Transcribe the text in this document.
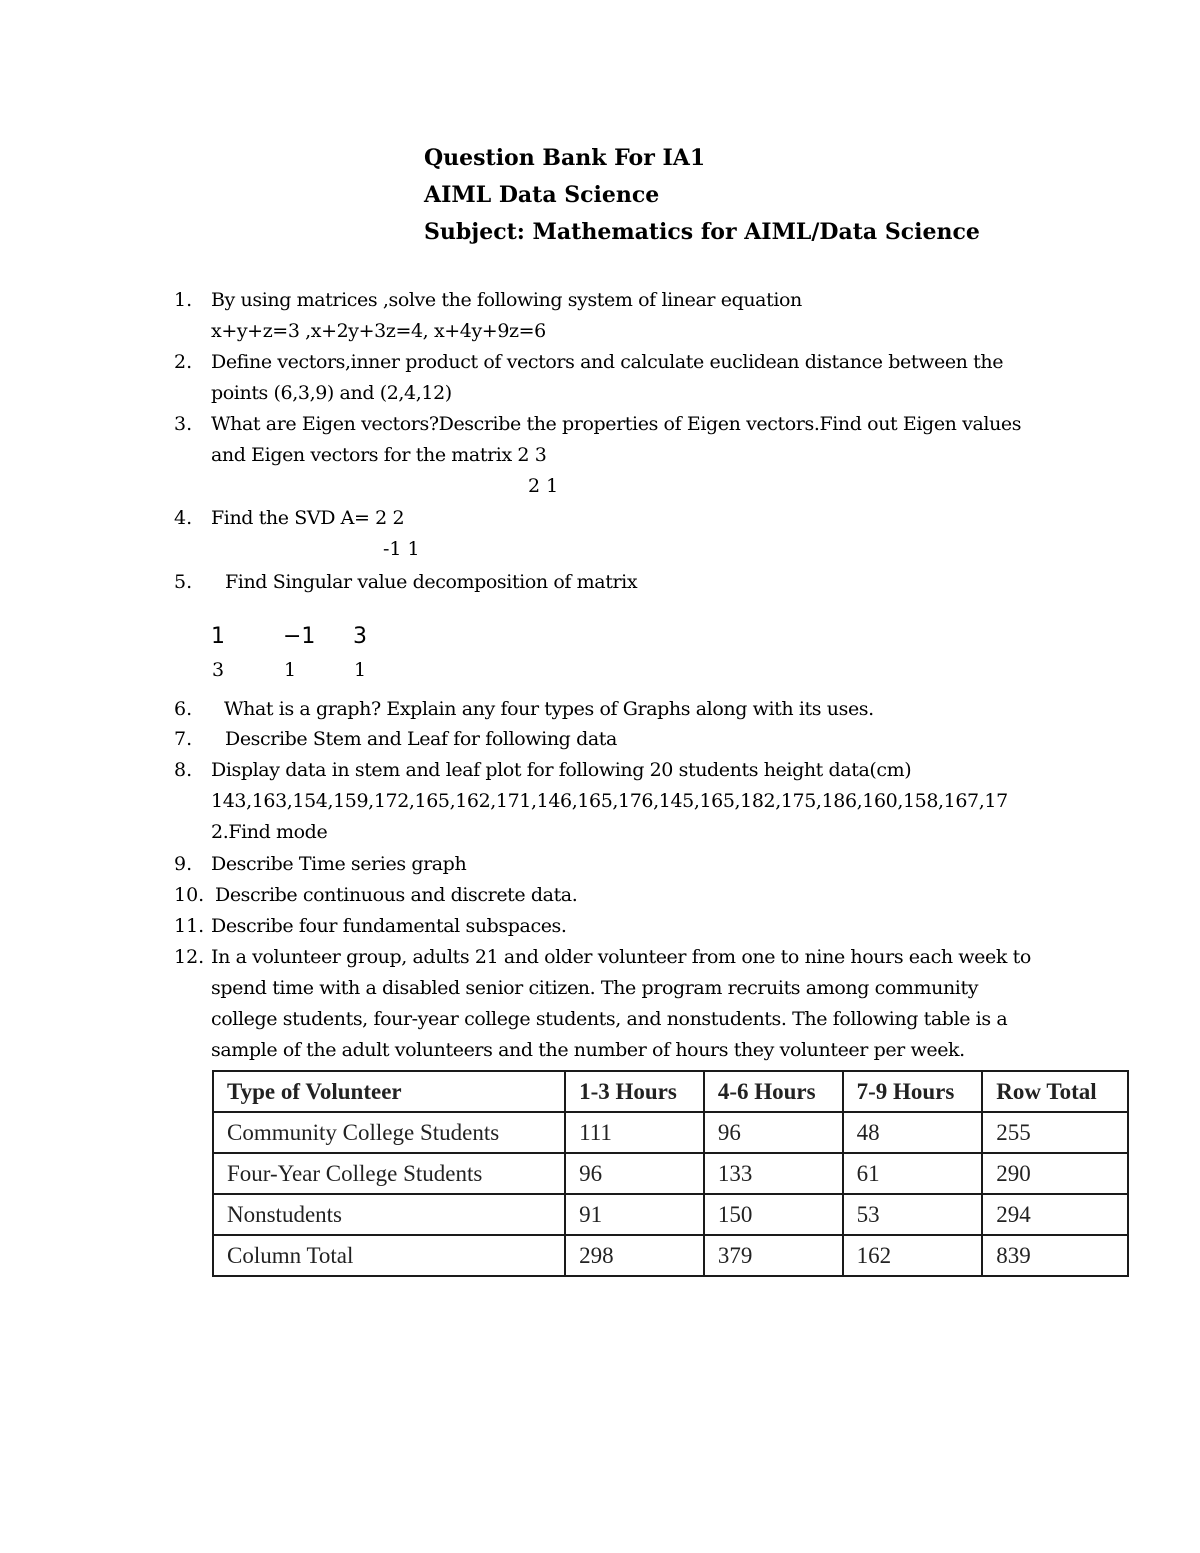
Question Bank For IA1
AIML Data Science
Subject: Mathematics for AIML/Data Science
1. By using matrices ,solve the following system of linear equation
x+y+z=3 ,x+2y+3z=4, x+4y+9z=6
2. Define vectors,inner product of vectors and calculate euclidean distance between the
points (6,3,9) and (2,4,12)
3. What are Eigen vectors?Describe the properties of Eigen vectors.Find out Eigen values
and Eigen vectors for the matrix 2 3
2 1
4. Find the SVD A= 2 2
-1 1
5. Find Singular value decomposition of matrix
1	−1 3
3	1	1
6. What is a graph? Explain any four types of Graphs along with its uses.
7. Describe Stem and Leaf for following data
8. Display data in stem and leaf plot for following 20 students height data(cm)
143,163,154,159,172,165,162,171,146,165,176,145,165,182,175,186,160,158,167,17
2.Find mode
9. Describe Time series graph
10. Describe continuous and discrete data.
11. Describe four fundamental subspaces.
12. In a volunteer group, adults 21 and older volunteer from one to nine hours each week to
spend time with a disabled senior citizen. The program recruits among community
college students, four-year college students, and nonstudents. The following table is a
sample of the adult volunteers and the number of hours they volunteer per week.
Type of Volunteer	1-3 Hours	4-6 Hours	7-9 Hours	Row Total
Community College Students	111	96	48	255
Four-Year College Students	96	133	61	290
Nonstudents	91	150	53	294
Column Total	298	379	162	839
